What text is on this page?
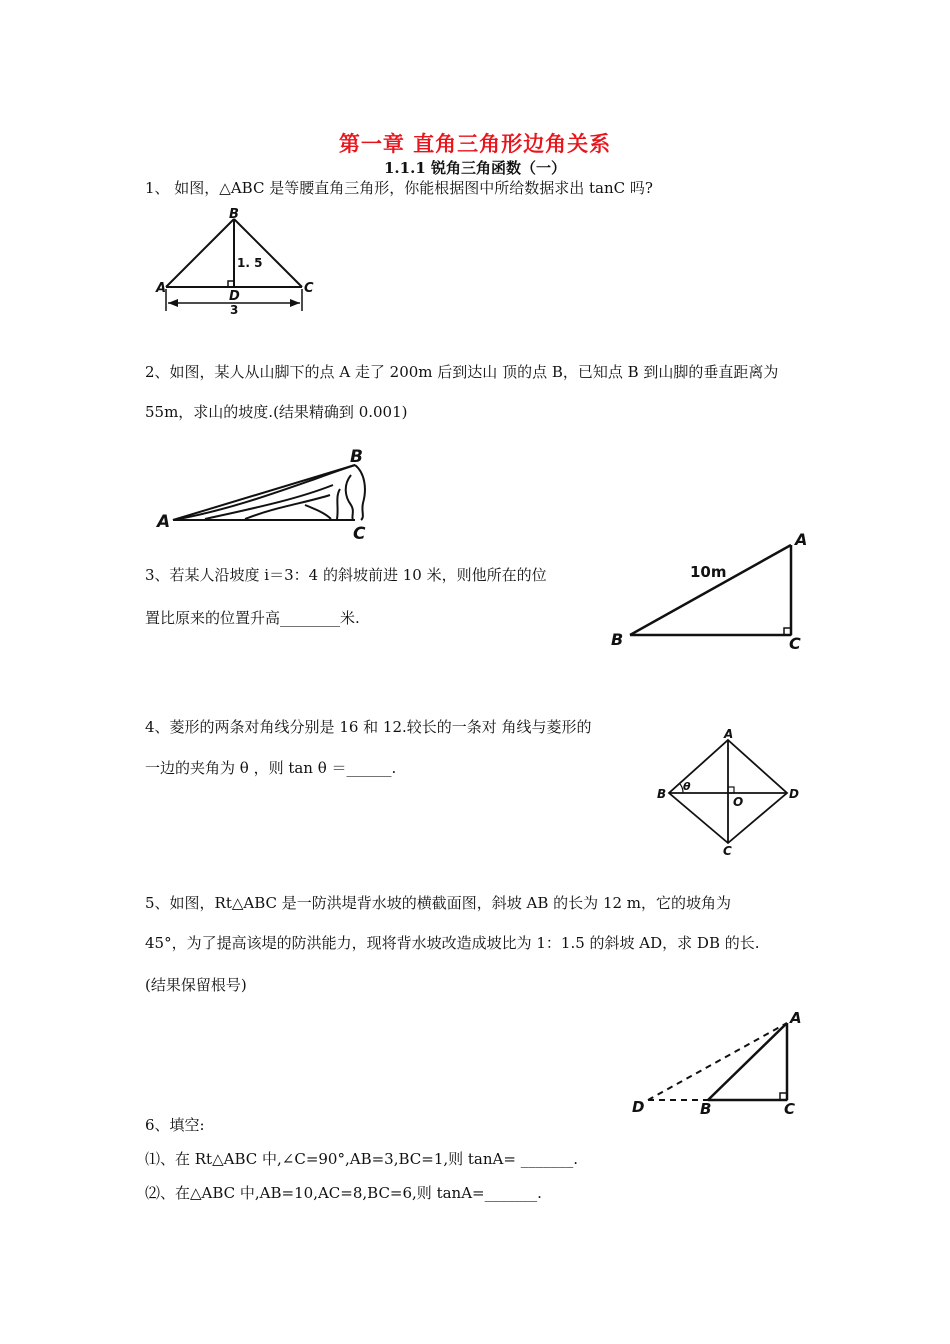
第一章 直角三角形边角关系
1.1.1 锐角三角函数（一）
1、 如图，△ABC 是等腰直角三角形，你能根据图中所给数据求出 tanC 吗?
B
A	C
D
1. 5
3
2、如图，某人从山脚下的点 A 走了 200m 后到达山 顶的点 B，已知点 B 到山脚的垂直距离为
55m，求山的坡度.(结果精确到 0.001)
A
B
C
3、若某人沿坡度 i＝3：4 的斜坡前进 10 米，则他所在的位
置比原来的位置升高________米.
A
B	C
10m
4、菱形的两条对角线分别是 16 和 12.较长的一条对 角线与菱形的
一边的夹角为 θ ，则 tan θ ＝______.
A
B	D
C
O
θ
5、如图，Rt△ABC 是一防洪堤背水坡的横截面图，斜坡 AB 的长为 12 m，它的坡角为
45°，为了提高该堤的防洪能力，现将背水坡改造成坡比为 1：1.5 的斜坡 AD，求 DB 的长.
(结果保留根号)
A
D	B	C
6、填空:
⑴、在 Rt△ABC 中,∠C=90°,AB=3,BC=1,则 tanA= _______.
⑵、在△ABC 中,AB=10,AC=8,BC=6,则 tanA=_______.
